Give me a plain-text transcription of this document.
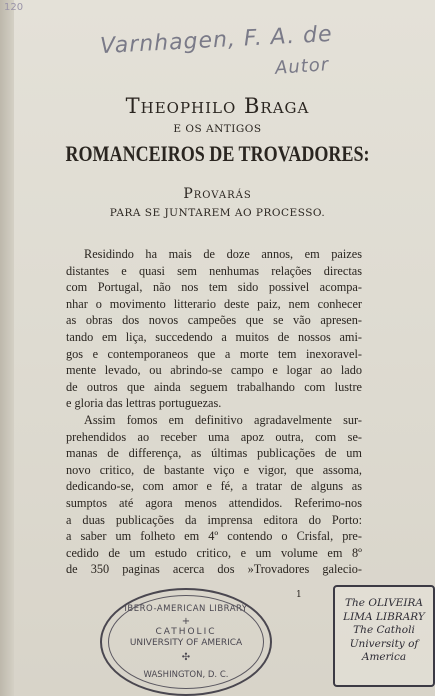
120
Varnhagen, F. A. de
Autor
Theophilo Braga
E OS ANTIGOS
ROMANCEIROS DE TROVADORES:
Provarás
PARA SE JUNTAREM AO PROCESSO.
Residindo ha mais de doze annos, em paizes
distantes e quasi sem nenhumas relações directas
com Portugal, não nos tem sido possivel acompa-
nhar o movimento litterario deste paiz, nem conhecer
as obras dos novos campeões que se vão apresen-
tando em liça, succedendo a muitos de nossos ami-
gos e contemporaneos que a morte tem inexoravel-
mente levado, ou abrindo-se campo e logar ao lado
de outros que ainda seguem trabalhando com lustre
e gloria das lettras portuguezas.
Assim fomos em definitivo agradavelmente sur-
prehendidos ao receber uma apoz outra, com se-
manas de differença, as últimas publicações de um
novo critico, de bastante viço e vigor, que assoma,
dedicando-se, com amor e fé, a tratar de alguns as
sumptos até agora menos attendidos. Referimo-nos
a duas publicações da imprensa editora do Porto:
a saber um folheto em 4º contendo o Crisfal, pre-
cedido de um estudo critico, e um volume em 8º
de 350 paginas acerca dos »Trovadores galecio-
1
IBERO-AMERICAN LIBRARY
+
CATHOLIC
UNIVERSITY OF AMERICA
✣
WASHINGTON, D. C.
The OLIVEIRA
LIMA LIBRARY
The Catholi
University of
America
